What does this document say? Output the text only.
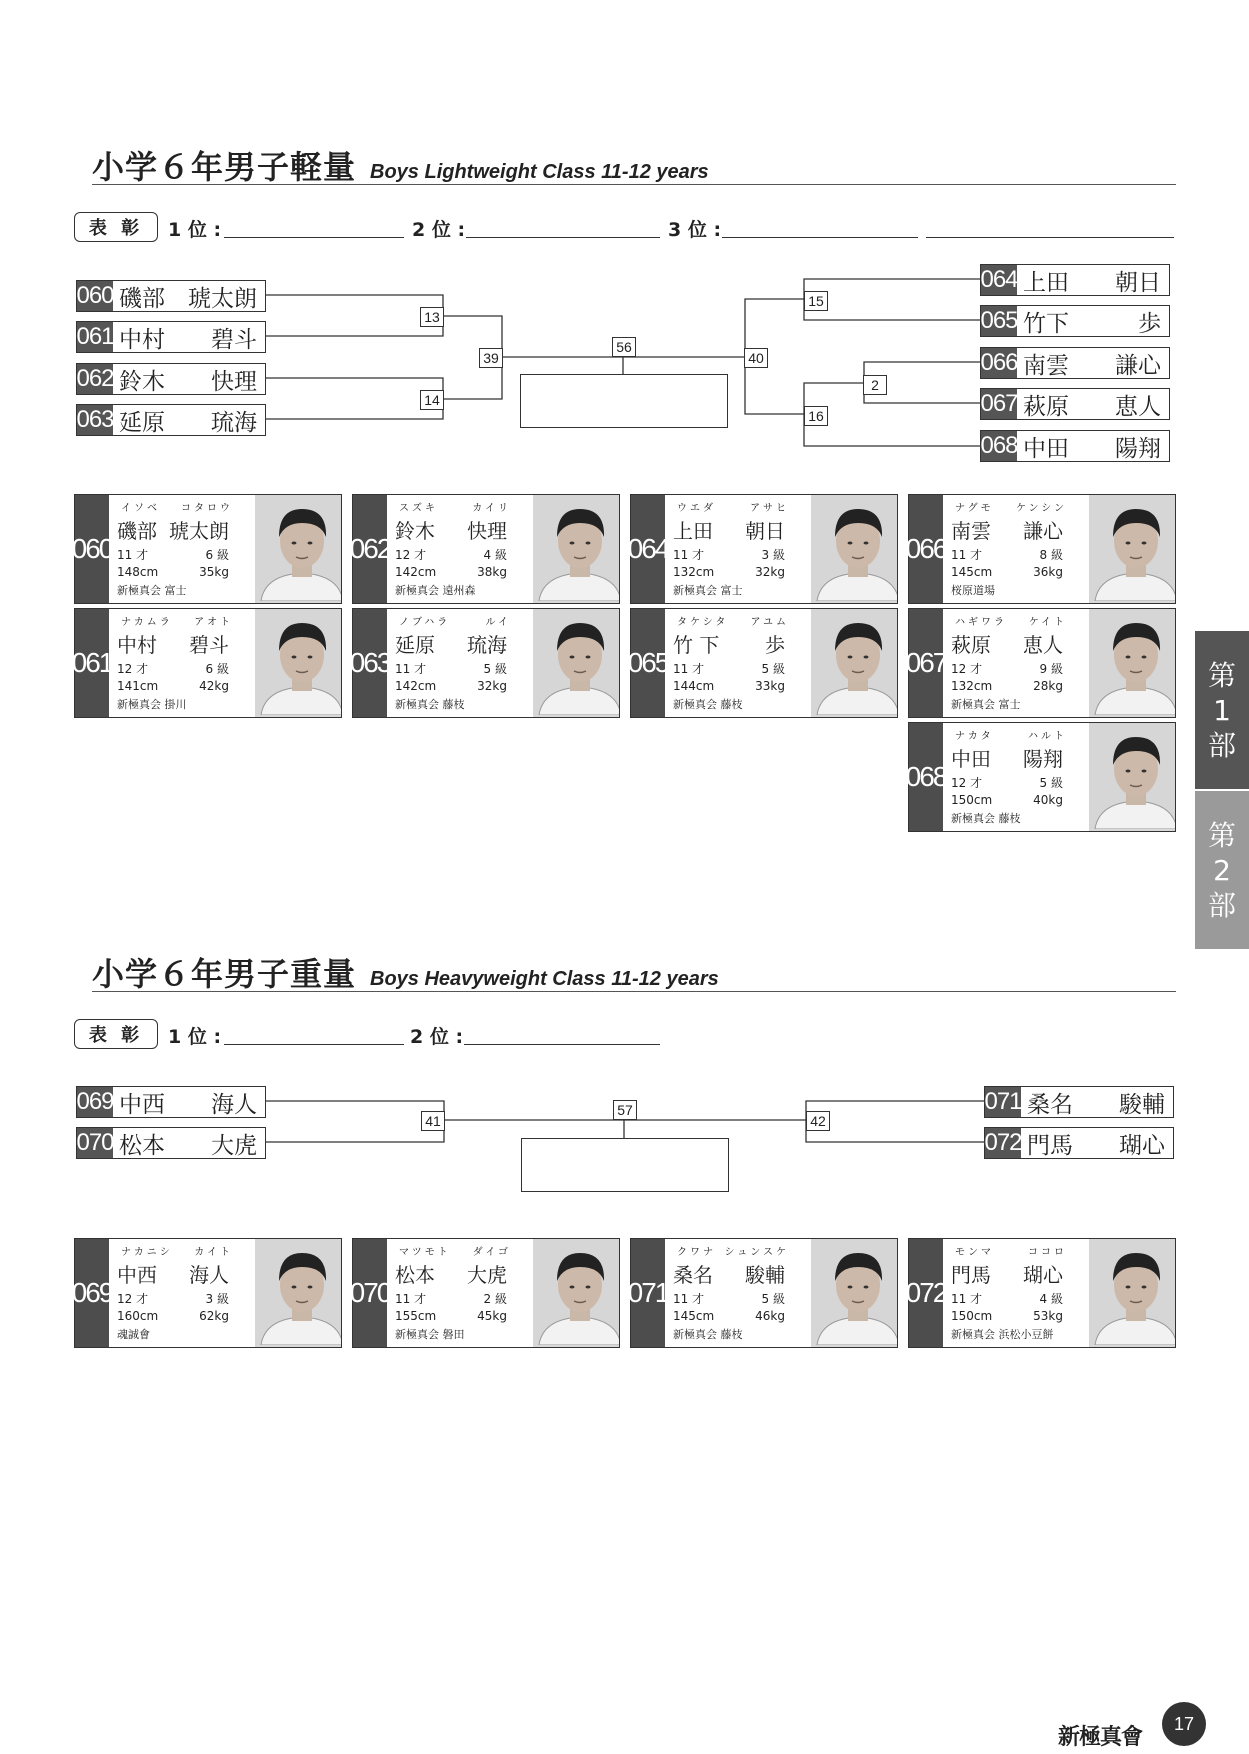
小学６年男子軽量 Boys Lightweight Class 11-12 years
表 彰	1 位 :	2 位 :	3 位 :
13
14
39
56
40
15
2
16
060 磯部 琥太朗
061 中村 碧斗
062 鈴木 快理
063 延原 琉海
064 上田 朝日
065 竹下	歩
066 南雲 謙心
067 萩原 恵人
068 中田 陽翔
060
イソベ コタロウ
磯部 琥太朗
11 才	6 級
148cm	35kg
新極真会 富士
061
ナカムラ アオト
中村 碧斗
12 才	6 級
141cm	42kg
新極真会 掛川
062
スズキ	カイリ
鈴木 快理
12 才	4 級
142cm	38kg
新極真会 遠州森
063
ノブハラ	ルイ
延原 琉海
11 才	5 級
142cm	32kg
新極真会 藤枝
064
ウエダ	アサヒ
上田 朝日
11 才	3 級
132cm	32kg
新極真会 富士
065
タケシタ アユム
竹 下 歩
11 才	5 級
144cm	33kg
新極真会 藤枝
066
ナグモ ケンシン
南雲 謙心
11 才	8 級
145cm	36kg
桜原道場
067
ハギワラ ケイト
萩原 恵人
12 才	9 級
132cm	28kg
新極真会 富士
068
ナカタ	ハルト
中田 陽翔
12 才	5 級
150cm	40kg
新極真会 藤枝
小学６年男子重量 Boys Heavyweight Class 11-12 years
表 彰	1 位 :	2 位 :
41
57
42
069 中西 海人
070 松本 大虎
071 桑名 駿輔
072 門馬 瑚心
069
ナカニシ カイト
中西 海人
12 才	3 級
160cm	62kg
魂誠會
070
マツモト ダイゴ
松本 大虎
11 才	2 級
155cm	45kg
新極真会 磐田
071
クワナ シュンスケ
桑名 駿輔
11 才	5 級
145cm	46kg
新極真会 藤枝
072
モンマ	ココロ
門馬 瑚心
11 才	4 級
150cm	53kg
新極真会 浜松小豆餅
第
1
部
第
2
部
新極真會
17
